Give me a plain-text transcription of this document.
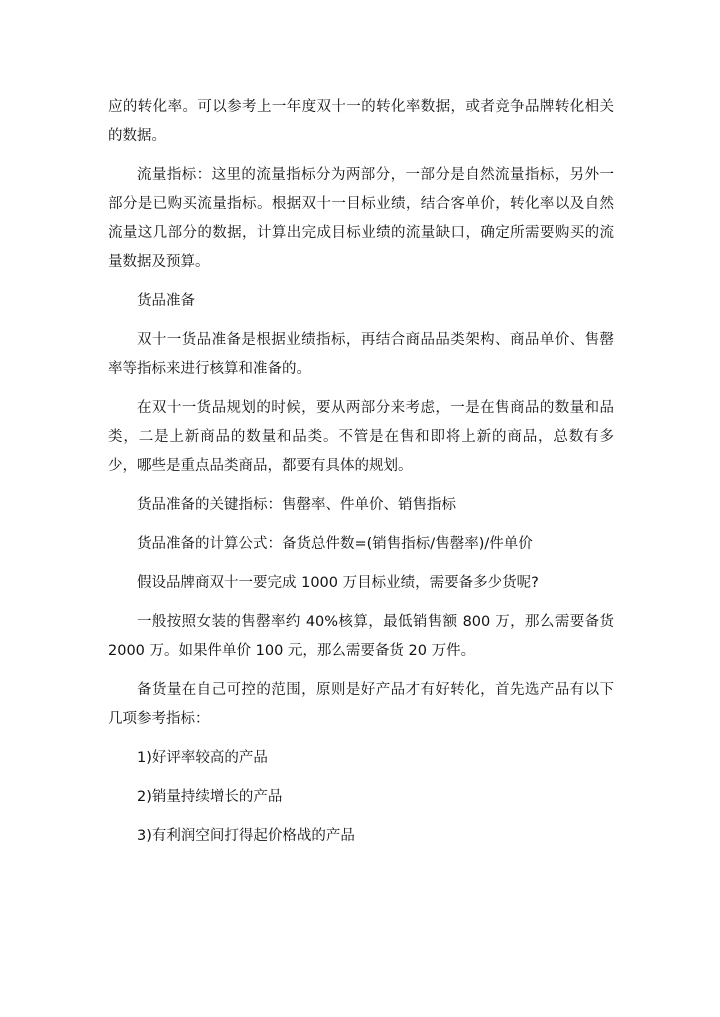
应的转化率。可以参考上一年度双十一的转化率数据，或者竞争品牌转化相关的数据。

流量指标：这里的流量指标分为两部分，一部分是自然流量指标，另外一部分是已购买流量指标。根据双十一目标业绩，结合客单价，转化率以及自然流量这几部分的数据，计算出完成目标业绩的流量缺口，确定所需要购买的流量数据及预算。

货品准备

双十一货品准备是根据业绩指标，再结合商品品类架构、商品单价、售罄率等指标来进行核算和准备的。

在双十一货品规划的时候，要从两部分来考虑，一是在售商品的数量和品类，二是上新商品的数量和品类。不管是在售和即将上新的商品，总数有多少，哪些是重点品类商品，都要有具体的规划。

货品准备的关键指标：售罄率、件单价、销售指标

货品准备的计算公式：备货总件数=(销售指标/售罄率)/件单价

假设品牌商双十一要完成 1000 万目标业绩，需要备多少货呢?

一般按照女装的售罄率约 40%核算，最低销售额 800 万，那么需要备货 2000 万。如果件单价 100 元，那么需要备货 20 万件。

备货量在自己可控的范围，原则是好产品才有好转化，首先选产品有以下几项参考指标：

1)好评率较高的产品

2)销量持续增长的产品

3)有利润空间打得起价格战的产品
